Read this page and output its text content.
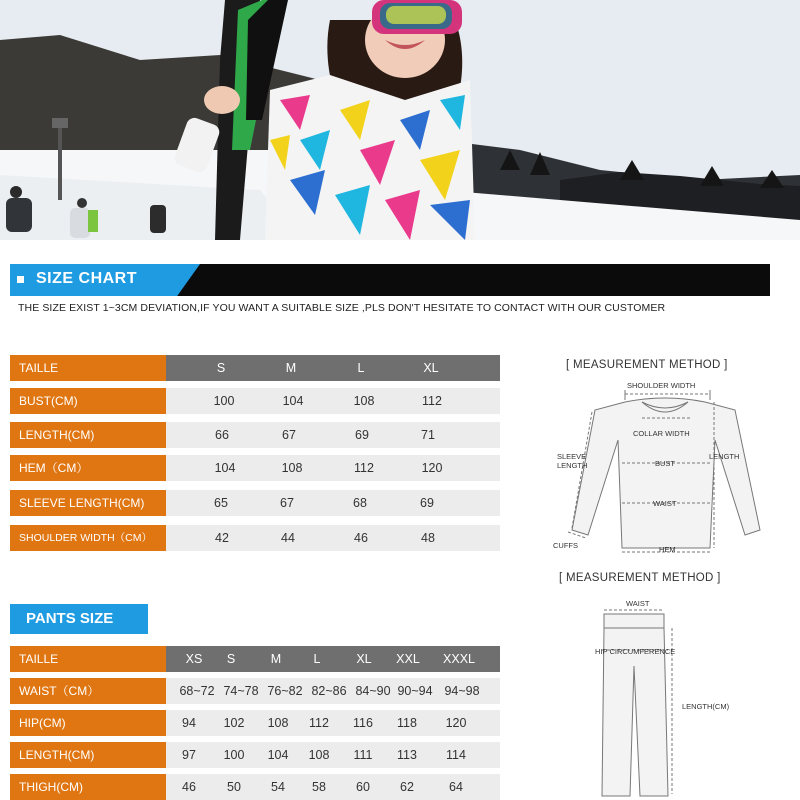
SIZE CHART
THE SIZE EXIST 1~3CM DEVIATION,IF YOU WANT A SUITABLE SIZE ,PLS DON'T HESITATE TO CONTACT WITH OUR CUSTOMER
TAILLE	S	M	L	XL
BUST(CM)	100	104	108	112
LENGTH(CM)	66	67	69	71
HEM（CM）	104	108	112	120
SLEEVE LENGTH(CM)	65	67	68	69
SHOULDER WIDTH（CM）	42	44	46	48
[ MEASUREMENT METHOD ]
SHOULDER WIDTH
COLLAR WIDTH
SLEEVE
LENGTH
LENGTH
BUST
WAIST
CUFFS	HEM
PANTS SIZE
TAILLE	XS	S	M	L	XL	XXL	XXXL
WAIST（CM）	68~72 74~78 76~82 82~86 84~90 90~94 94~98
HIP(CM)	94	102	108	112	116	118	120
LENGTH(CM)	97	100	104	108	111	113	114
THIGH(CM)	46	50	54	58	60	62	64
[ MEASUREMENT METHOD ]
WAIST
HIP CIRCUMFERENCE
LENGTH(CM)
